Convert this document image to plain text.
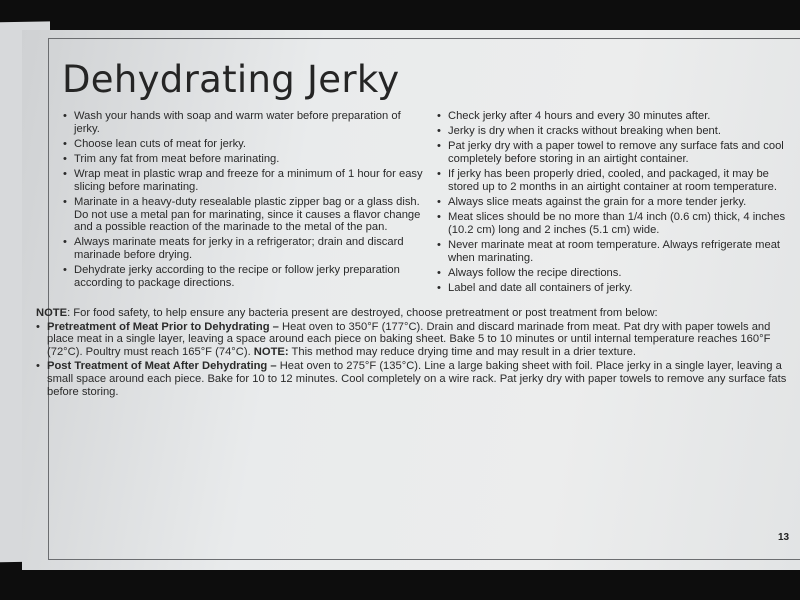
Dehydrating Jerky
• Wash your hands with soap and warm water before preparation of jerky.
• Choose lean cuts of meat for jerky.
• Trim any fat from meat before marinating.
• Wrap meat in plastic wrap and freeze for a minimum of 1 hour for easy slicing before marinating.
• Marinate in a heavy-duty resealable plastic zipper bag or a glass dish. Do not use a metal pan for marinating, since it causes a flavor change and a possible reaction of the marinade to the metal of the pan.
• Always marinate meats for jerky in a refrigerator; drain and discard marinade before drying.
• Dehydrate jerky according to the recipe or follow jerky preparation according to package directions.
• Check jerky after 4 hours and every 30 minutes after.
• Jerky is dry when it cracks without breaking when bent.
• Pat jerky dry with a paper towel to remove any surface fats and cool completely before storing in an airtight container.
• If jerky has been properly dried, cooled, and packaged, it may be stored up to 2 months in an airtight container at room temperature.
• Always slice meats against the grain for a more tender jerky.
• Meat slices should be no more than 1/4 inch (0.6 cm) thick, 4 inches (10.2 cm) long and 2 inches (5.1 cm) wide.
• Never marinate meat at room temperature. Always refrigerate meat when marinating.
• Always follow the recipe directions.
• Label and date all containers of jerky.

NOTE: For food safety, to help ensure any bacteria present are destroyed, choose pretreatment or post treatment from below:

• Pretreatment of Meat Prior to Dehydrating – Heat oven to 350°F (177°C). Drain and discard marinade from meat. Pat dry with paper towels and place meat in a single layer, leaving a space around each piece on baking sheet. Bake 5 to 10 minutes or until internal temperature reaches 160°F (72°C). Poultry must reach 165°F (74°C). NOTE: This method may reduce drying time and may result in a drier texture.
• Post Treatment of Meat After Dehydrating – Heat oven to 275°F (135°C). Line a large baking sheet with foil. Place jerky in a single layer, leaving a small space around each piece. Bake for 10 to 12 minutes. Cool completely on a wire rack. Pat jerky dry with paper towels to remove any surface fats before storing.
13
